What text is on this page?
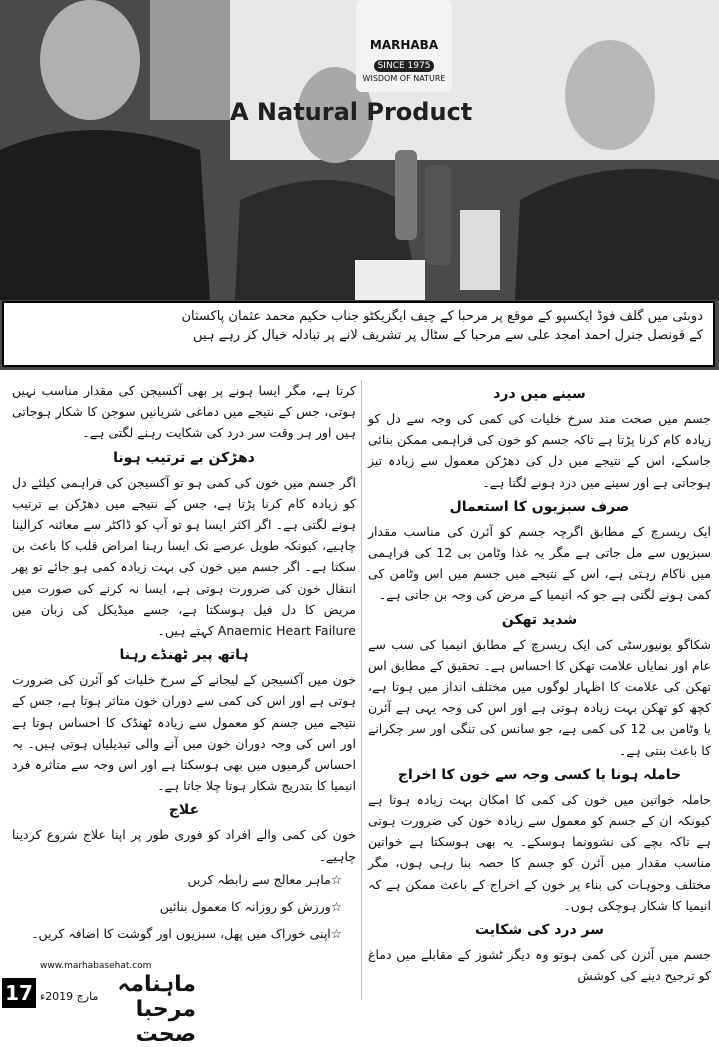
MARHABA
SINCE 1975
WISDOM OF NATURE
A Natural Product
دوبئی میں گلف فوڈ ایکسپو کے موقع پر مرحبا کے چیف ایگزیکٹو جناب حکیم محمد عثمان پاکستان
کے قونصل جنرل احمد امجد علی سے مرحبا کے سٹال پر تشریف لانے پر تبادلہ خیال کر رہے ہیں
سینے میں درد

جسم میں صحت مند سرخ خلیات کی کمی کی وجہ سے دل کو زیادہ کام کرنا پڑتا ہے تاکہ جسم کو خون کی فراہمی ممکن بنائی جاسکے، اس کے نتیجے میں دل کی دھڑکن معمول سے زیادہ تیز ہوجاتی ہے اور سینے میں درد ہونے لگتا ہے۔

صرف سبزیوں کا استعمال

ایک ریسرچ کے مطابق اگرچہ جسم کو آئرن کی مناسب مقدار سبزیوں سے مل جاتی ہے مگر یہ غذا وٹامن بی 12 کی فراہمی میں ناکام رہتی ہے، اس کے نتیجے میں جسم میں اس وٹامن کی کمی ہونے لگتی ہے جو کہ انیمیا کے مرض کی وجہ بن جاتی ہے۔

شدید تھکن

شکاگو یونیورسٹی کی ایک ریسرچ کے مطابق انیمیا کی سب سے عام اور نمایاں علامت تھکن کا احساس ہے۔ تحقیق کے مطابق اس تھکن کی علامت کا اظہار لوگوں میں مختلف انداز میں ہوتا ہے، کچھ کو تھکن بہت زیادہ ہوتی ہے اور اس کی وجہ یہی ہے آئرن یا وٹامن بی 12 کی کمی ہے، جو سانس کی تنگی اور سر چکرانے کا باعث بنتی ہے۔

حاملہ ہونا یا کسی وجہ سے خون کا اخراج

حاملہ خواتین میں خون کی کمی کا امکان بہت زیادہ ہوتا ہے کیونکہ ان کے جسم کو معمول سے زیادہ خون کی ضرورت ہوتی ہے تاکہ بچے کی نشوونما ہوسکے۔ یہ بھی ہوسکتا ہے خواتین مناسب مقدار میں آئرن کو جسم کا حصہ بنا رہی ہوں، مگر مختلف وجوہات کی بناء پر خون کے اخراج کے باعث ممکن ہے کہ انیمیا کا شکار ہوچکی ہوں۔

سر درد کی شکایت

جسم میں آئرن کی کمی ہوتو وہ دیگر ٹشوز کے مقابلے میں دماغ کو ترجیح دینے کی کوشش

کرتا ہے، مگر ایسا ہونے پر بھی آکسیجن کی مقدار مناسب نہیں ہوتی، جس کے نتیجے میں دماغی شریانیں سوجن کا شکار ہوجاتی ہیں اور ہر وقت سر درد کی شکایت رہنے لگتی ہے۔

دھڑکن بے ترتیب ہونا

اگر جسم میں خون کی کمی ہو تو آکسیجن کی فراہمی کیلئے دل کو زیادہ کام کرنا پڑتا ہے، جس کے نتیجے میں دھڑکن بے ترتیب ہونے لگتی ہے۔ اگر اکثر ایسا ہو تو آپ کو ڈاکٹر سے معائنہ کرالینا چاہیے، کیونکہ طویل عرصے تک ایسا رہنا امراض قلب کا باعث بن سکتا ہے۔ اگر جسم میں خون کی بہت زیادہ کمی ہو جائے تو پھر انتقال خون کی ضرورت ہوتی ہے، ایسا نہ کرنے کی صورت میں مریض کا دل فیل ہوسکتا ہے، جسے میڈیکل کی زبان میں Anaemic Heart Failure کہتے ہیں۔

ہاتھ پیر ٹھنڈے رہنا

خون میں آکسیجن کے لیجانے کے سرخ خلیات کو آئرن کی ضرورت ہوتی ہے اور اس کی کمی سے دوران خون متاثر ہوتا ہے، جس کے نتیجے میں جسم کو معمول سے زیادہ ٹھنڈک کا احساس ہوتا ہے اور اس کی وجہ دوران خون میں آنے والی تبدیلیاں ہوتی ہیں۔ یہ احساس گرمیوں میں بھی ہوسکتا ہے اور اس وجہ سے متاثرہ فرد انیمیا کا بتدریج شکار ہوتا چلا جاتا ہے۔

علاج

خون کی کمی والے افراد کو فوری طور پر اپنا علاج شروع کردینا چاہیے۔

☆ماہر معالج سے رابطہ کریں
☆ورزش کو روزانہ کا معمول بنائیں
☆اپنی خوراک میں پھل، سبزیوں اور گوشت کا اضافہ کریں۔
17
www.marhabasehat.com
مارچ 2019ء ماہنامہ مرحبا صحت
